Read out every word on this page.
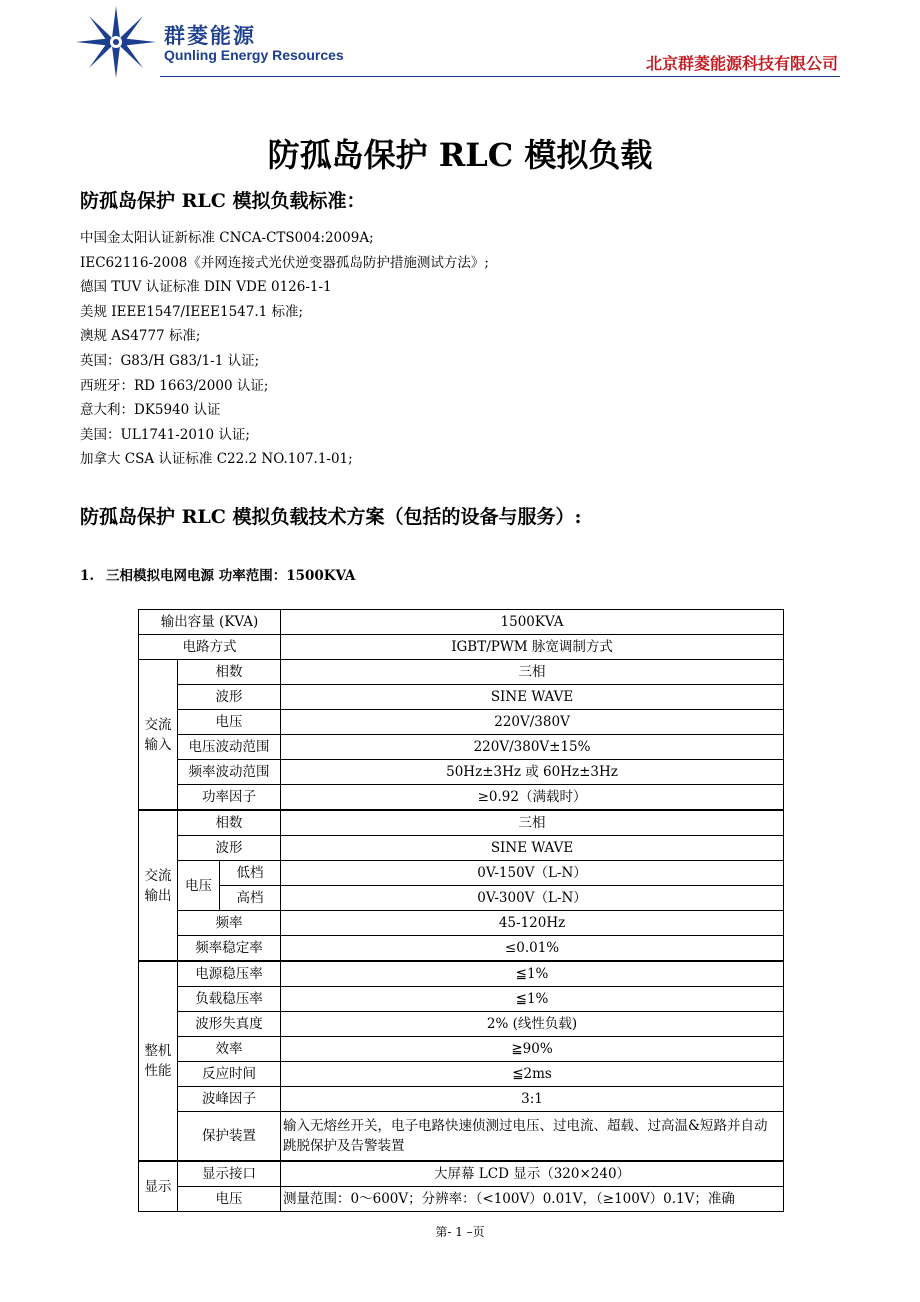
群菱能源
Qunling Energy Resources	北京群菱能源科技有限公司
防孤岛保护 RLC 模拟负载
防孤岛保护 RLC 模拟负载标准：
中国金太阳认证新标准 CNCA-CTS004:2009A;
IEC62116-2008《并网连接式光伏逆变器孤岛防护措施测试方法》;
德国 TUV 认证标准 DIN VDE 0126-1-1
美规 IEEE1547/IEEE1547.1 标准;
澳规 AS4777 标准;
英国：G83/H G83/1-1 认证;
西班牙：RD 1663/2000 认证;
意大利：DK5940 认证
美国：UL1741-2010 认证;
加拿大 CSA 认证标准 C22.2 NO.107.1-01;
防孤岛保护 RLC 模拟负载技术方案（包括的设备与服务）:
1. 三相模拟电网电源 功率范围：1500KVA
输出容量 (KVA)			1500KVA
电路方式			IGBT/PWM 脉宽调制方式
交流输入	相数		三相
	波形		SINE WAVE
	电压		220V/380V
	电压波动范围		220V/380V±15%
	频率波动范围		50Hz±3Hz 或 60Hz±3Hz
	功率因子		≥0.92（满载时）
交流输出	相数		三相
	波形		SINE WAVE
	电压	低档	0V-150V（L-N）
		高档	0V-300V（L-N）
	频率		45-120Hz
	频率稳定率		≤0.01%
整机性能	电源稳压率		≦1%
	负载稳压率		≦1%
	波形失真度		2% (线性负载)
	效率		≧90%
	反应时间		≦2ms
	波峰因子		3:1
	保护装置		输入无熔丝开关，电子电路快速侦测过电压、过电流、超载、过高温&短路并自动跳脱保护及告警装置
显示	显示接口		大屏幕 LCD 显示（320×240）
	电压		测量范围：0～600V；分辨率：（<100V）0.01V，（≥100V）0.1V；准确
第- 1 –页
